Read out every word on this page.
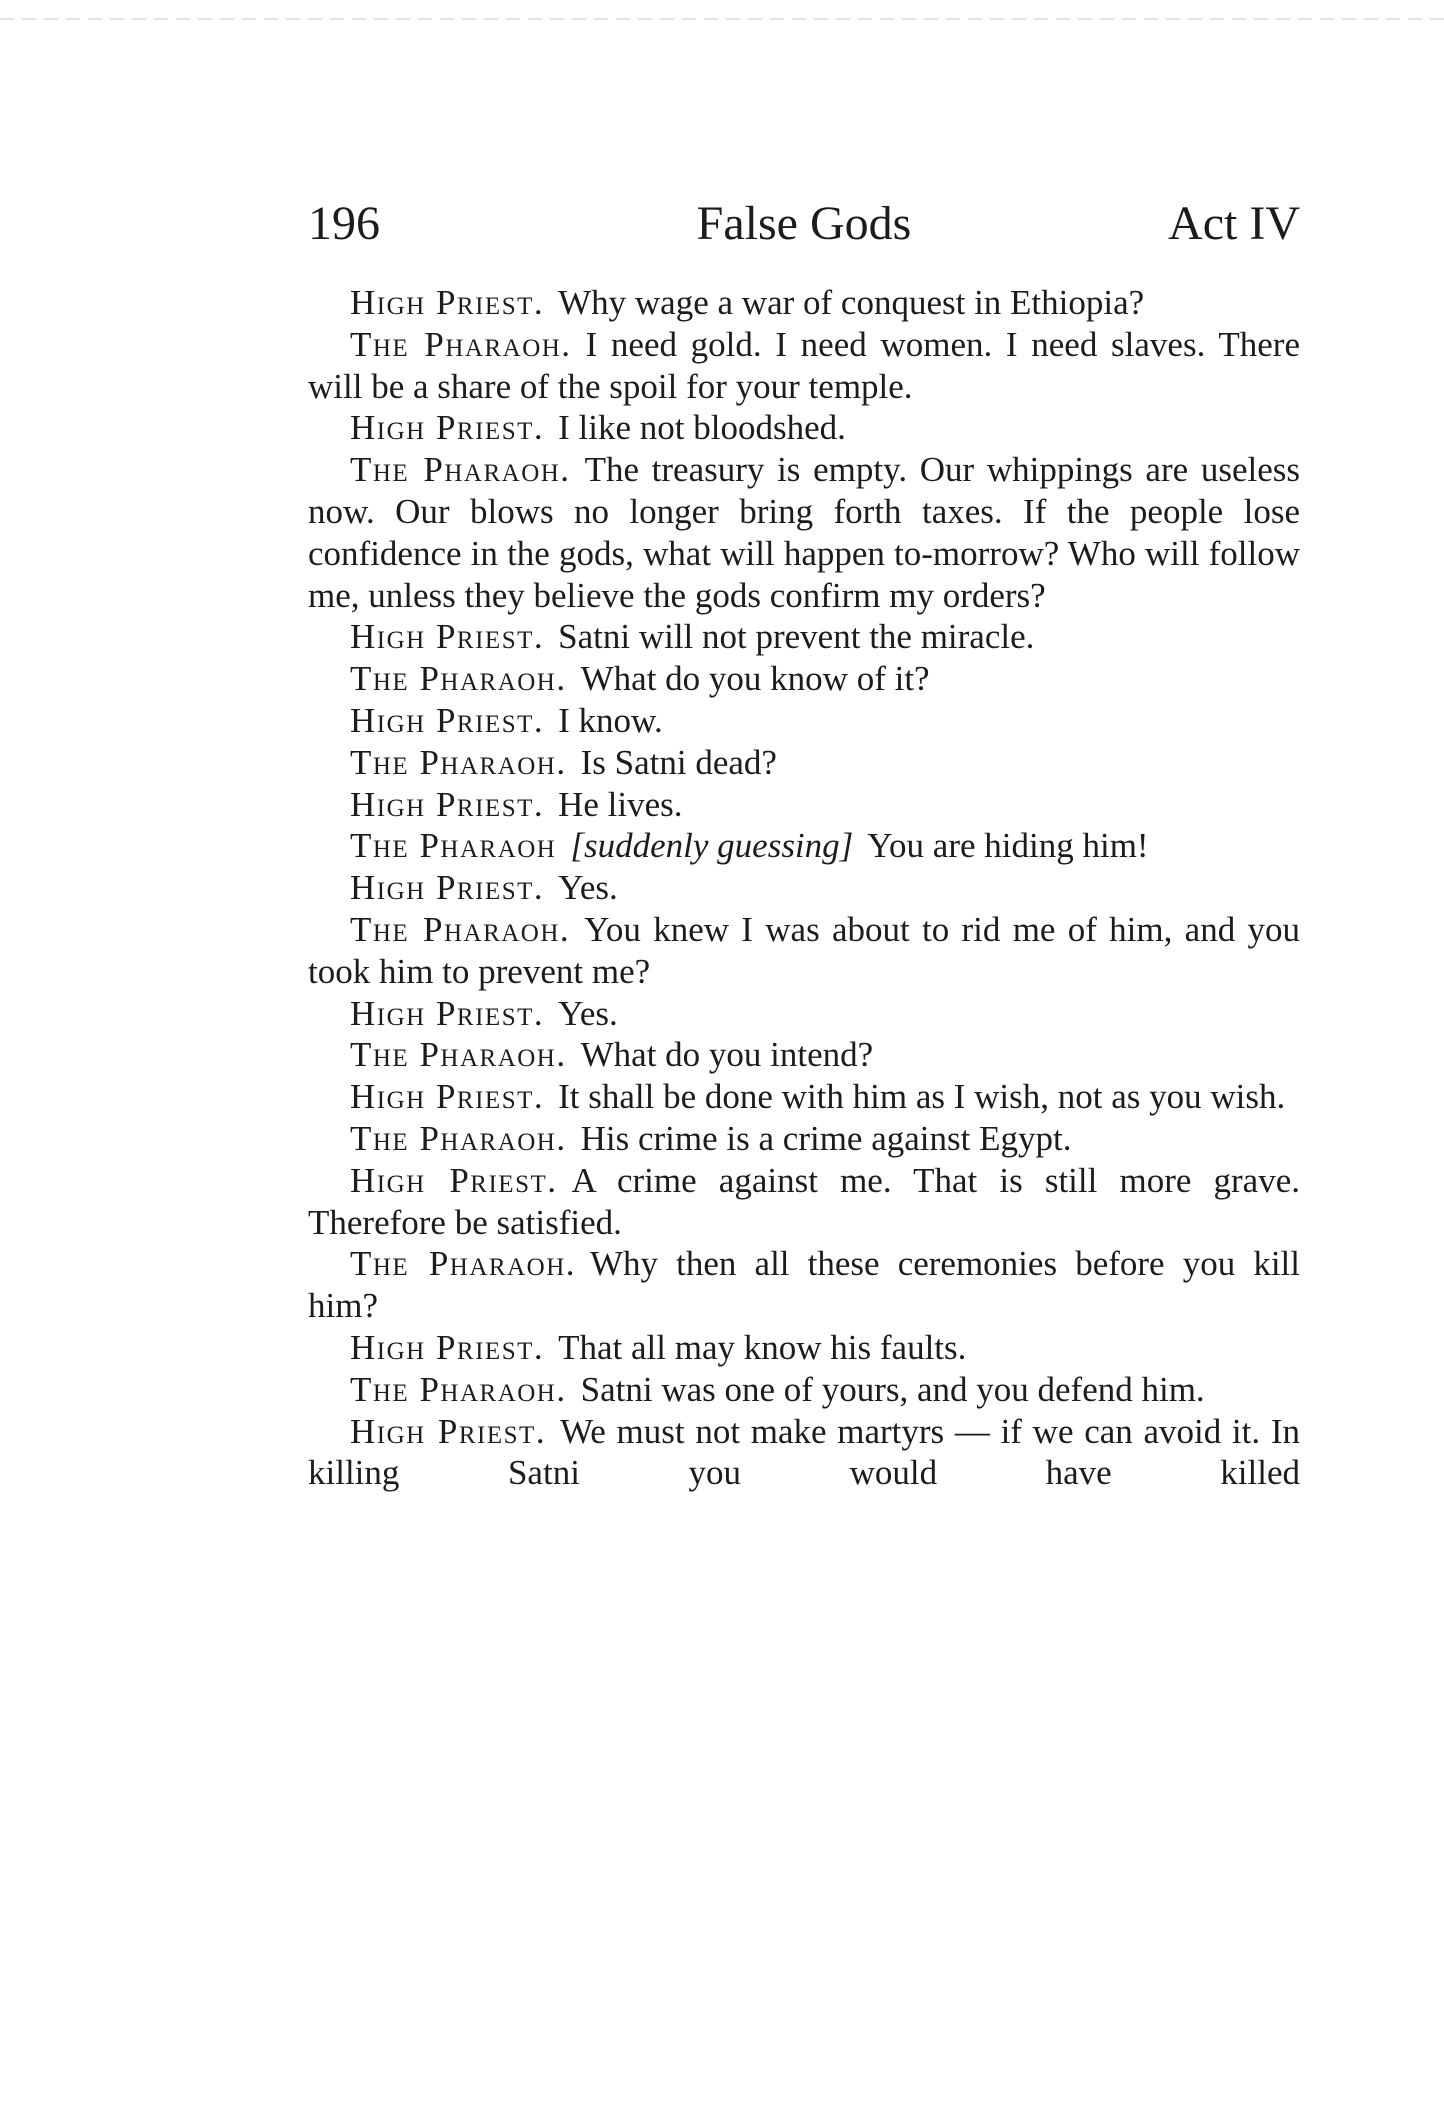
196	False Gods	Act IV

High Priest. Why wage a war of conquest in Ethiopia?

The Pharaoh. I need gold. I need women. I need slaves. There will be a share of the spoil for your temple.

High Priest. I like not bloodshed.

The Pharaoh. The treasury is empty. Our whippings are useless now. Our blows no longer bring forth taxes. If the people lose confidence in the gods, what will happen to-morrow? Who will follow me, unless they believe the gods confirm my orders?

High Priest. Satni will not prevent the miracle.

The Pharaoh. What do you know of it?

High Priest. I know.

The Pharaoh. Is Satni dead?

High Priest. He lives.

The Pharaoh [suddenly guessing] You are hiding him!

High Priest. Yes.

The Pharaoh. You knew I was about to rid me of him, and you took him to prevent me?

High Priest. Yes.

The Pharaoh. What do you intend?

High Priest. It shall be done with him as I wish, not as you wish.

The Pharaoh. His crime is a crime against Egypt.

High Priest. A crime against me. That is still more grave. Therefore be satisfied.

The Pharaoh. Why then all these ceremonies before you kill him?

High Priest. That all may know his faults.

The Pharaoh. Satni was one of yours, and you defend him.

High Priest. We must not make martyrs — if we can avoid it. In killing Satni you would have killed
